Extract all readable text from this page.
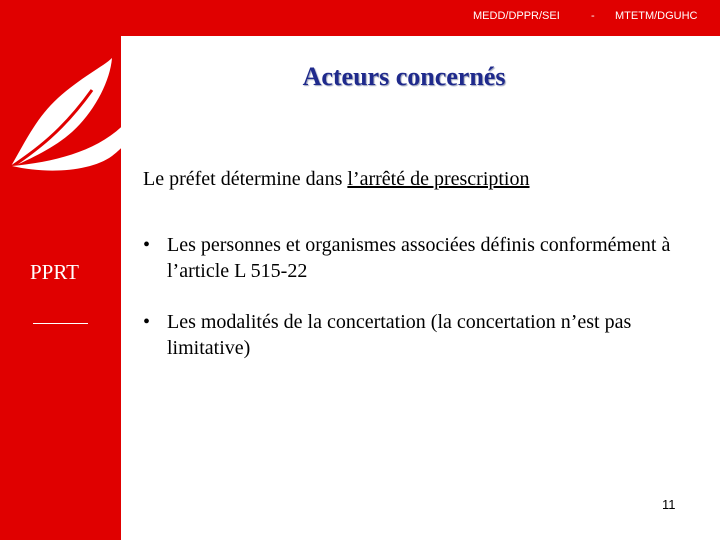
MEDD/DPPR/SEI	- MTETM/DGUHC
Acteurs concernés
Le préfet détermine dans l’arrêté de prescription
PPRT
• Les personnes et organismes associées définis conformément à l’article L 515-22
• Les modalités de la concertation (la concertation n’est pas limitative)
11
